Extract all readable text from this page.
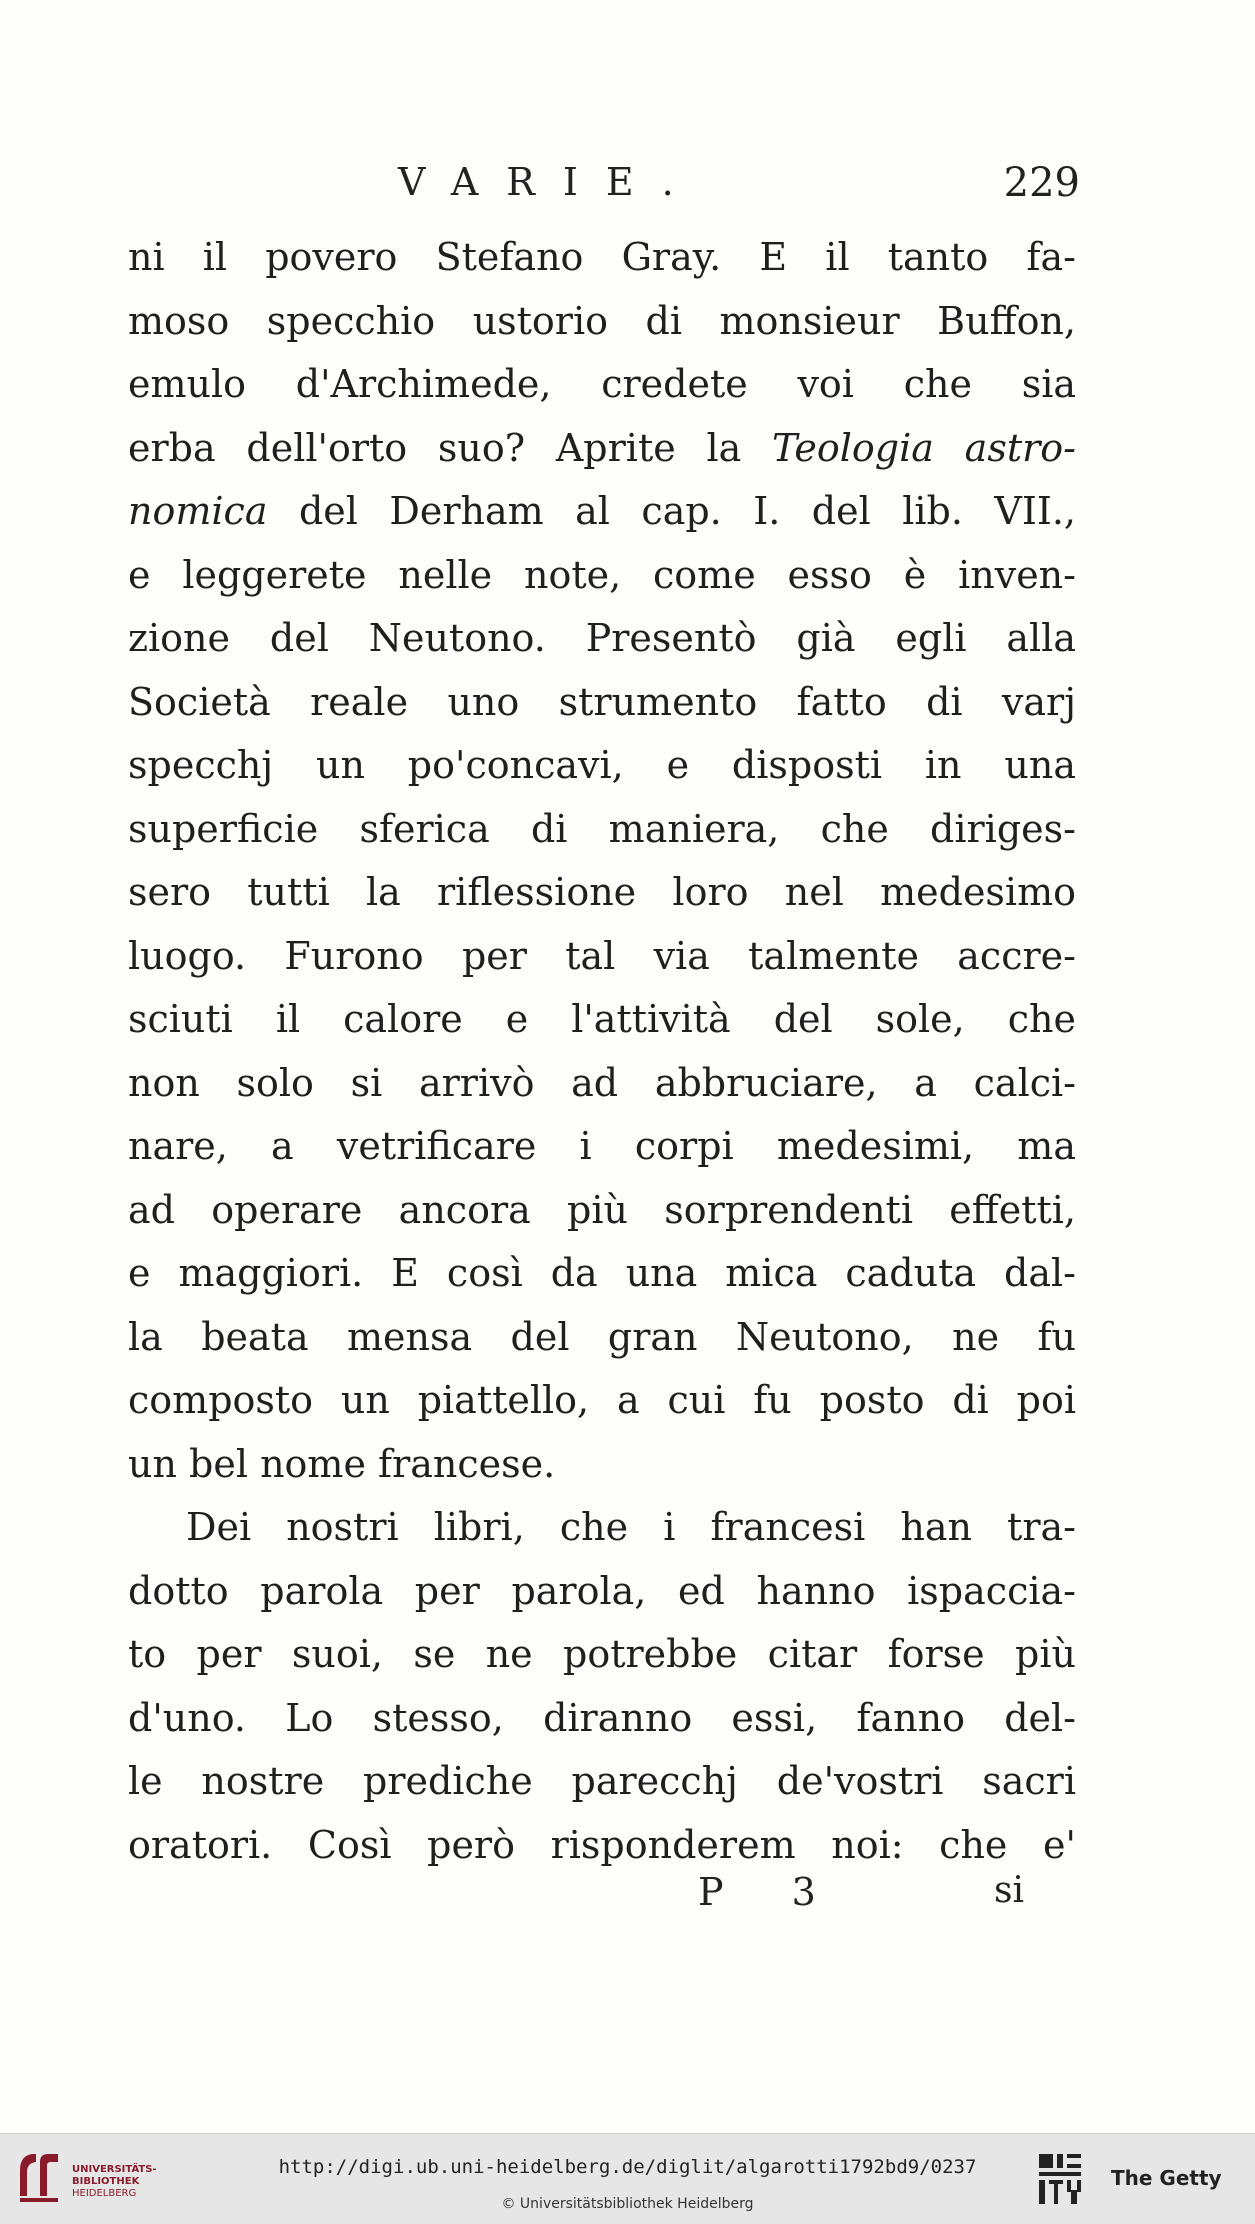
VARIE.	229
ni il povero Stefano Gray. E il tanto fa-
moso specchio ustorio di monsieur Buffon,
emulo d'Archimede, credete voi che sia
erba dell'orto suo? Aprite la Teologia astro-
nomica del Derham al cap. I. del lib. VII.,
e leggerete nelle note, come esso è inven-
zione del Neutono. Presentò già egli alla
Società reale uno strumento fatto di varj
specchj un po'concavi, e disposti in una
superficie sferica di maniera, che diriges-
sero tutti la riflessione loro nel medesimo
luogo. Furono per tal via talmente accre-
sciuti il calore e l'attività del sole, che
non solo si arrivò ad abbruciare, a calci-
nare, a vetrificare i corpi medesimi, ma
ad operare ancora più sorprendenti effetti,
e maggiori. E così da una mica caduta dal-
la beata mensa del gran Neutono, ne fu
composto un piattello, a cui fu posto di poi
un bel nome francese.
Dei nostri libri, che i francesi han tra-
dotto parola per parola, ed hanno ispaccia-
to per suoi, se ne potrebbe citar forse più
d'uno. Lo stesso, diranno essi, fanno del-
le nostre prediche parecchj de'vostri sacri
oratori. Così però risponderem noi: che e'
P 3	si
UNIVERSITÄTS-
BIBLIOTHEK
HEIDELBERG
http://digi.ub.uni-heidelberg.de/diglit/algarotti1792bd9/0237
© Universitätsbibliothek Heidelberg
The Getty
